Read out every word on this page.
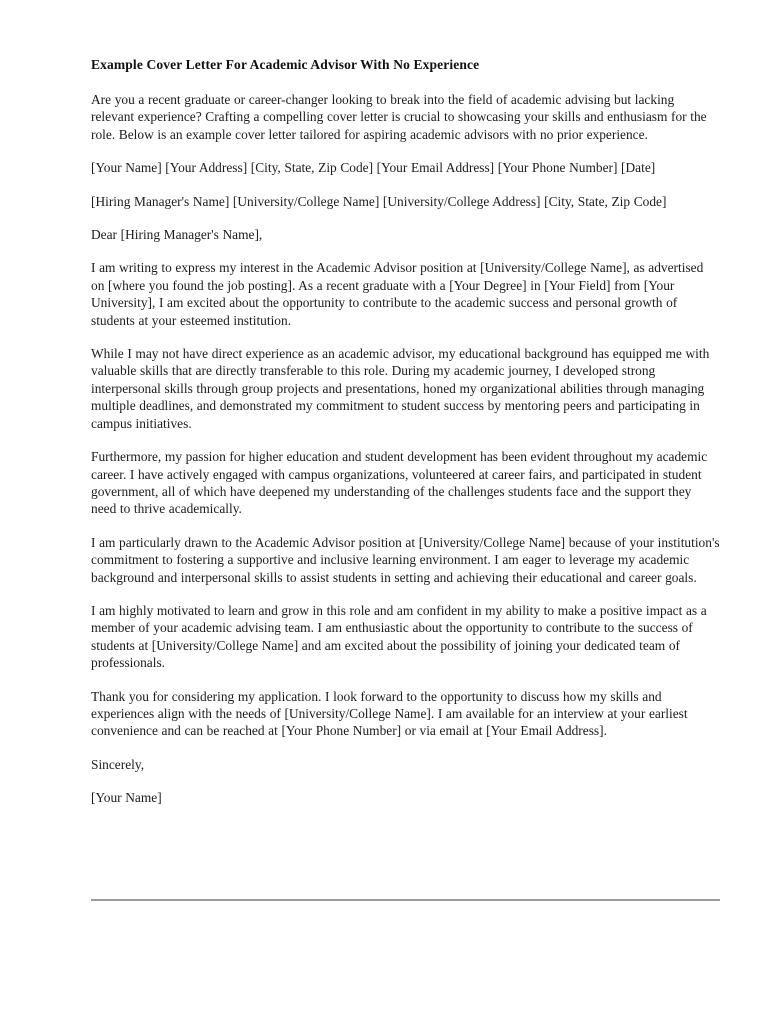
Example Cover Letter For Academic Advisor With No Experience

Are you a recent graduate or career-changer looking to break into the field of academic advising but lacking relevant experience? Crafting a compelling cover letter is crucial to showcasing your skills and enthusiasm for the role. Below is an example cover letter tailored for aspiring academic advisors with no prior experience.

[Your Name] [Your Address] [City, State, Zip Code] [Your Email Address] [Your Phone Number] [Date]

[Hiring Manager's Name] [University/College Name] [University/College Address] [City, State, Zip Code]

Dear [Hiring Manager's Name],

I am writing to express my interest in the Academic Advisor position at [University/College Name], as advertised on [where you found the job posting]. As a recent graduate with a [Your Degree] in [Your Field] from [Your University], I am excited about the opportunity to contribute to the academic success and personal growth of students at your esteemed institution.

While I may not have direct experience as an academic advisor, my educational background has equipped me with valuable skills that are directly transferable to this role. During my academic journey, I developed strong interpersonal skills through group projects and presentations, honed my organizational abilities through managing multiple deadlines, and demonstrated my commitment to student success by mentoring peers and participating in campus initiatives.

Furthermore, my passion for higher education and student development has been evident throughout my academic career. I have actively engaged with campus organizations, volunteered at career fairs, and participated in student government, all of which have deepened my understanding of the challenges students face and the support they need to thrive academically.

I am particularly drawn to the Academic Advisor position at [University/College Name] because of your institution's commitment to fostering a supportive and inclusive learning environment. I am eager to leverage my academic background and interpersonal skills to assist students in setting and achieving their educational and career goals.

I am highly motivated to learn and grow in this role and am confident in my ability to make a positive impact as a member of your academic advising team. I am enthusiastic about the opportunity to contribute to the success of students at [University/College Name] and am excited about the possibility of joining your dedicated team of professionals.

Thank you for considering my application. I look forward to the opportunity to discuss how my skills and experiences align with the needs of [University/College Name]. I am available for an interview at your earliest convenience and can be reached at [Your Phone Number] or via email at [Your Email Address].

Sincerely,

[Your Name]
